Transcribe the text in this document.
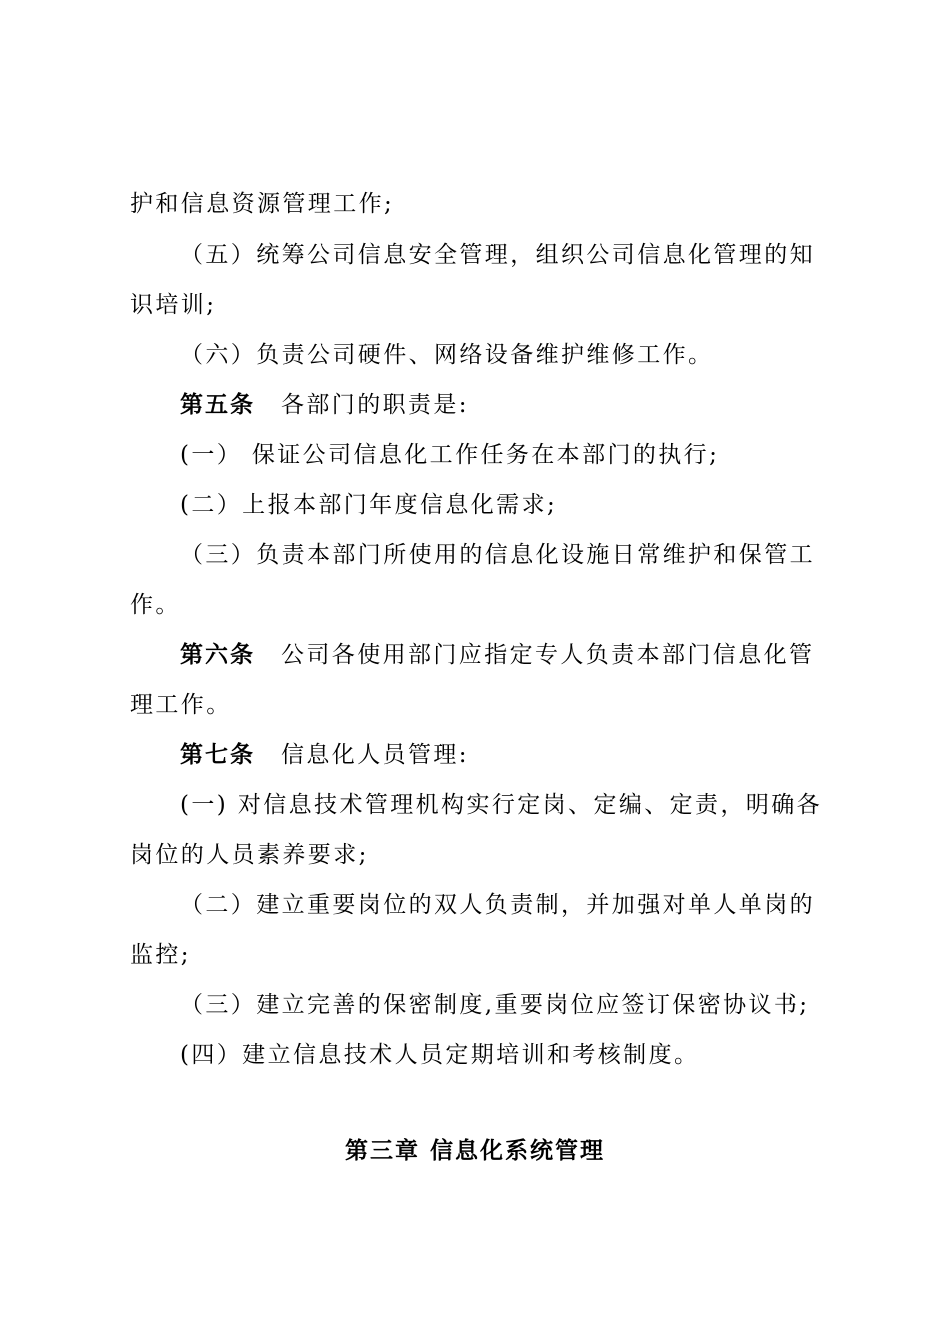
护和信息资源管理工作;
（五）统筹公司信息安全管理，组织公司信息化管理的知
识培训;
（六）负责公司硬件、网络设备维护维修工作。
第五条 各部门的职责是:
(一） 保证公司信息化工作任务在本部门的执行;
(二）上报本部门年度信息化需求;
（三）负责本部门所使用的信息化设施日常维护和保管工
作。
第六条 公司各使用部门应指定专人负责本部门信息化管
理工作。
第七条 信息化人员管理:
(一) 对信息技术管理机构实行定岗、定编、定责，明确各
岗位的人员素养要求;
（二）建立重要岗位的双人负责制，并加强对单人单岗的
监控;
（三）建立完善的保密制度,重要岗位应签订保密协议书;
(四）建立信息技术人员定期培训和考核制度。
第三章 信息化系统管理
